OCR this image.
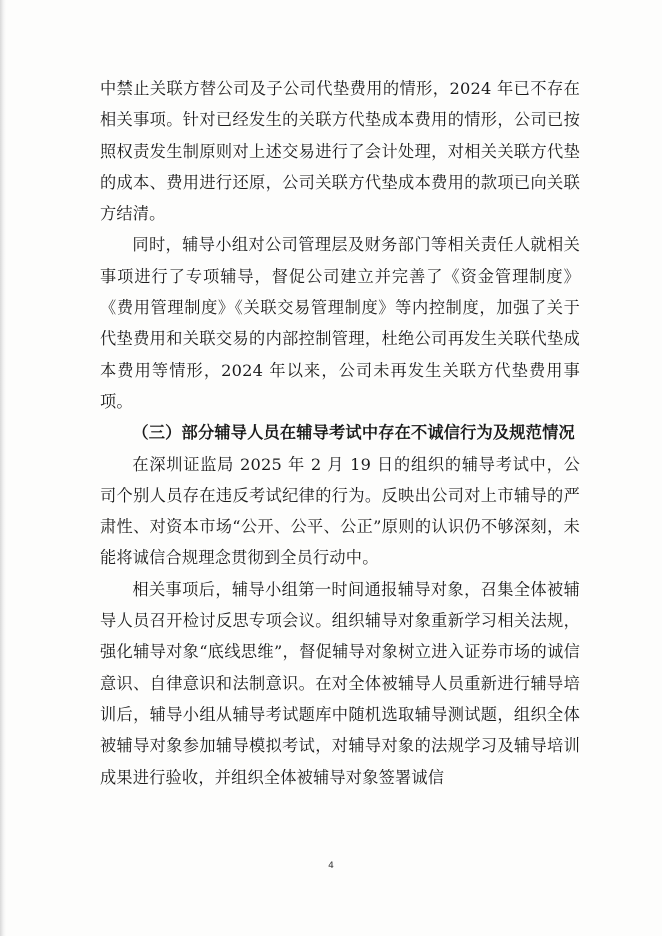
中禁止关联方替公司及子公司代垫费用的情形，2024 年已不存在相关事项。针对已经发生的关联方代垫成本费用的情形，公司已按照权责发生制原则对上述交易进行了会计处理，对相关关联方代垫的成本、费用进行还原，公司关联方代垫成本费用的款项已向关联方结清。

同时，辅导小组对公司管理层及财务部门等相关责任人就相关事项进行了专项辅导，督促公司建立并完善了《资金管理制度》《费用管理制度》《关联交易管理制度》等内控制度，加强了关于代垫费用和关联交易的内部控制管理，杜绝公司再发生关联代垫成本费用等情形，2024 年以来，公司未再发生关联方代垫费用事项。

（三）部分辅导人员在辅导考试中存在不诚信行为及规范情况

在深圳证监局 2025 年 2 月 19 日的组织的辅导考试中，公司个别人员存在违反考试纪律的行为。反映出公司对上市辅导的严肃性、对资本市场“公开、公平、公正”原则的认识仍不够深刻，未能将诚信合规理念贯彻到全员行动中。

相关事项后，辅导小组第一时间通报辅导对象，召集全体被辅导人员召开检讨反思专项会议。组织辅导对象重新学习相关法规，强化辅导对象“底线思维”，督促辅导对象树立进入证券市场的诚信意识、自律意识和法制意识。在对全体被辅导人员重新进行辅导培训后，辅导小组从辅导考试题库中随机选取辅导测试题，组织全体被辅导对象参加辅导模拟考试，对辅导对象的法规学习及辅导培训成果进行验收，并组织全体被辅导对象签署诚信

4
